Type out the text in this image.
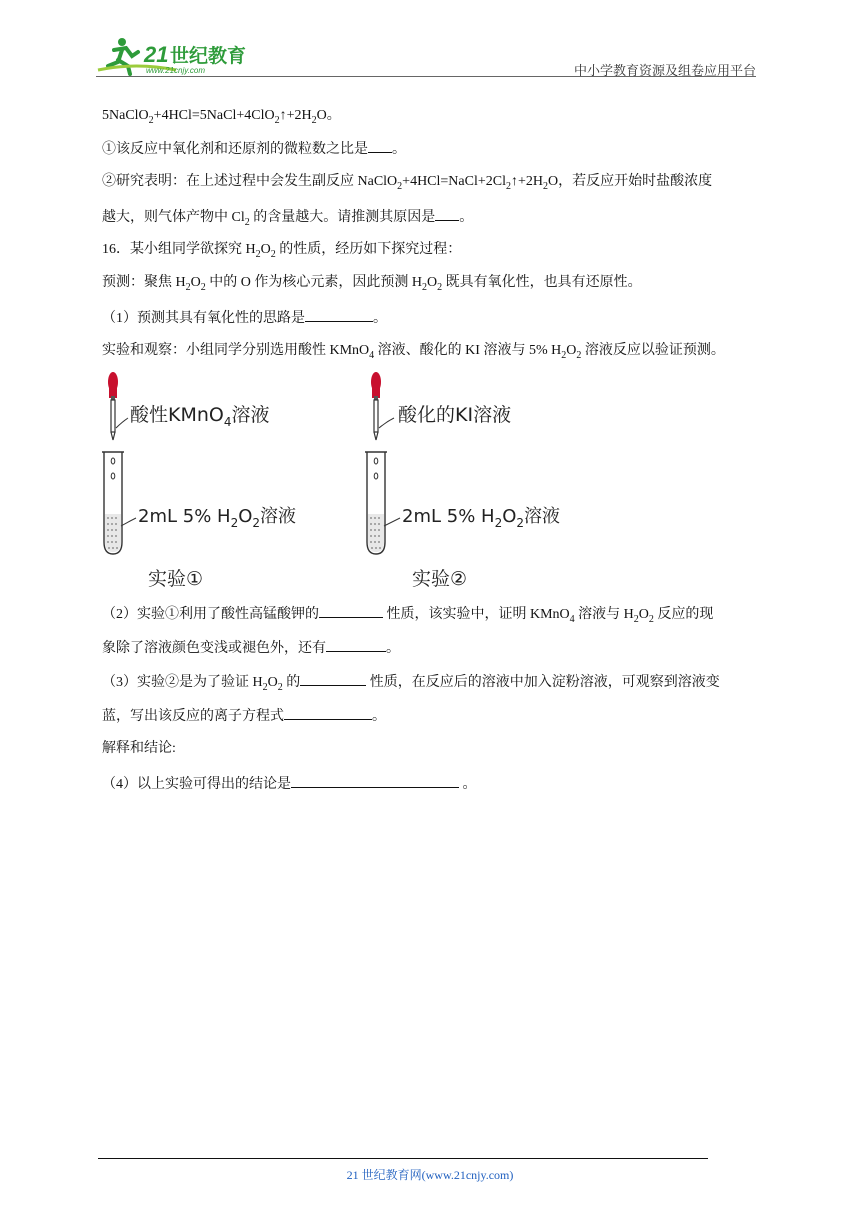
21 世纪教育
www.21cnjy.com	中小学教育资源及组卷应用平台
$5NaClO_2+4HCl=5NaCl+4ClO_2↑+2H_2O$。
①该反应中氧化剂和还原剂的微粒数之比是 。
②研究表明：在上述过程中会发生副反应 $NaClO_2+4HCl=NaCl+2Cl_2↑+2H_2O$，若反应开始时盐酸浓度
越大，则气体产物中 $Cl_2$ 的含量越大。请推测其原因是 。
16．某小组同学欲探究 $H_2O_2$ 的性质，经历如下探究过程：
预测：聚焦 $H_2O_2$ 中的 O 作为核心元素，因此预测 $H_2O_2$ 既具有氧化性，也具有还原性。
（1）预测其具有氧化性的思路是	。
实验和观察：小组同学分别选用酸性 KMnO$_4$ 溶液、酸化的 KI 溶液与 5% $H_2O_2$ 溶液反应以验证预测。
酸性KMnO$_4$溶液
2mL 5% $H_2O_2$溶液
实验①
酸化的KI溶液
2mL 5% $H_2O_2$溶液
实验②
（2）实验①利用了酸性高锰酸钾的	性质，该实验中，证明 KMnO$_4$ 溶液与 $H_2O_2$ 反应的现
象除了溶液颜色变浅或褪色外，还有	。
（3）实验②是为了验证 $H_2O_2$ 的	性质，在反应后的溶液中加入淀粉溶液，可观察到溶液变
蓝，写出该反应的离子方程式	。
解释和结论:
（4）以上实验可得出的结论是	。
21 世纪教育网(www.21cnjy.com)
